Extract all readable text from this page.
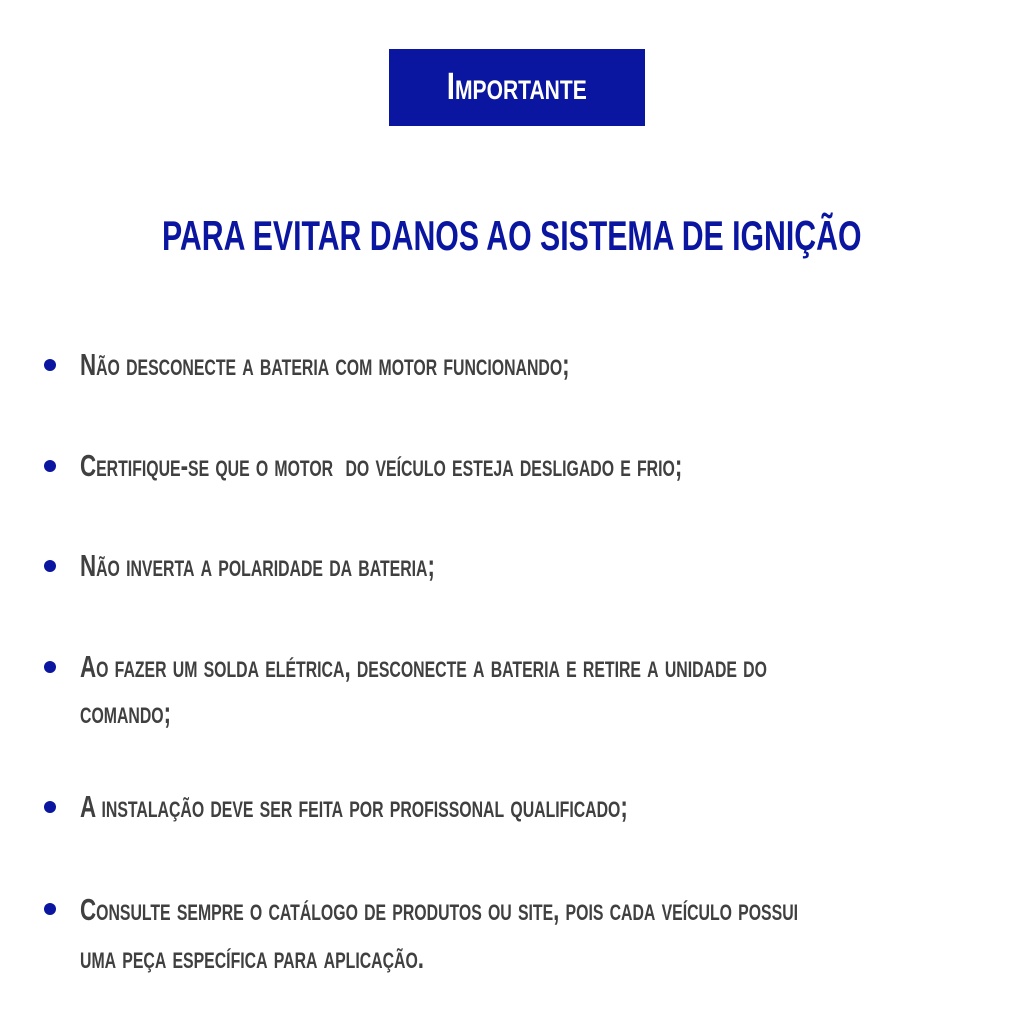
Importante
PARA EVITAR DANOS AO SISTEMA DE IGNIÇÃO
Não desconecte a bateria com motor funcionando;
Certifique-se que o motor  do veículo esteja desligado e frio;
Não inverta a polaridade da bateria;
Ao fazer um solda elétrica, desconecte a bateria e retire a unidade do
comando;
A instalação deve ser feita por profissonal qualificado;
Consulte sempre o catálogo de produtos ou site, pois cada veículo possui
uma peça específica para aplicação.
